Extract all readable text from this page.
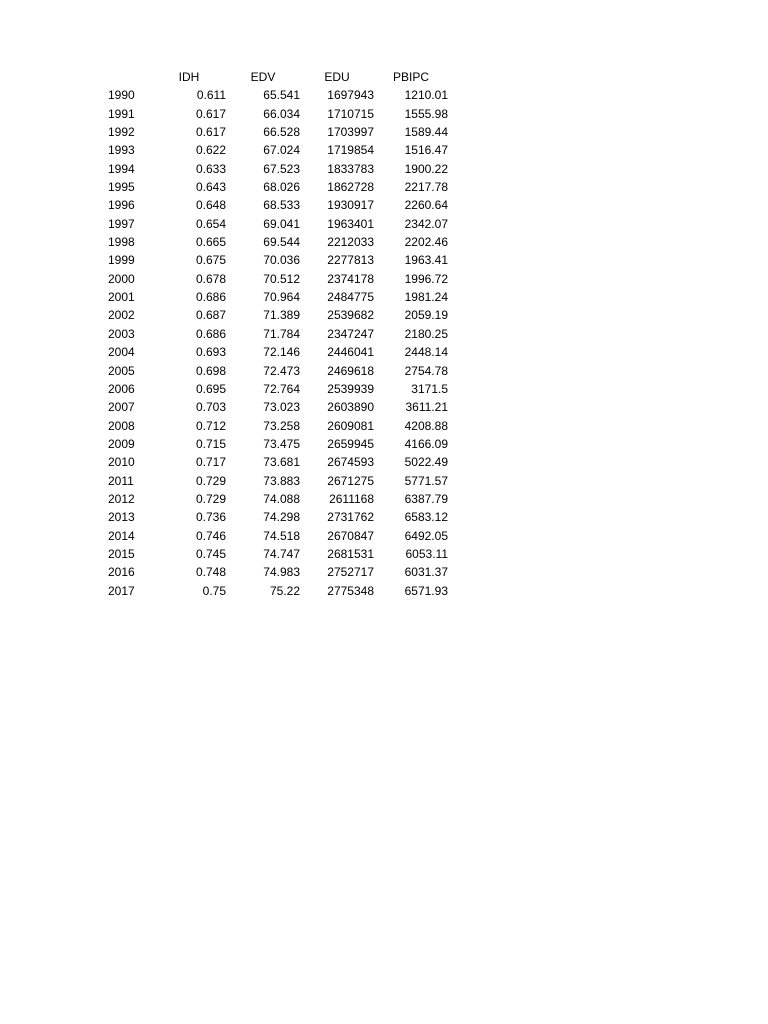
	IDH	EDV	EDU	PBIPC
1990	0.611	65.541	1697943	1210.01
1991	0.617	66.034	1710715	1555.98
1992	0.617	66.528	1703997	1589.44
1993	0.622	67.024	1719854	1516.47
1994	0.633	67.523	1833783	1900.22
1995	0.643	68.026	1862728	2217.78
1996	0.648	68.533	1930917	2260.64
1997	0.654	69.041	1963401	2342.07
1998	0.665	69.544	2212033	2202.46
1999	0.675	70.036	2277813	1963.41
2000	0.678	70.512	2374178	1996.72
2001	0.686	70.964	2484775	1981.24
2002	0.687	71.389	2539682	2059.19
2003	0.686	71.784	2347247	2180.25
2004	0.693	72.146	2446041	2448.14
2005	0.698	72.473	2469618	2754.78
2006	0.695	72.764	2539939	3171.5
2007	0.703	73.023	2603890	3611.21
2008	0.712	73.258	2609081	4208.88
2009	0.715	73.475	2659945	4166.09
2010	0.717	73.681	2674593	5022.49
2011	0.729	73.883	2671275	5771.57
2012	0.729	74.088	2611168	6387.79
2013	0.736	74.298	2731762	6583.12
2014	0.746	74.518	2670847	6492.05
2015	0.745	74.747	2681531	6053.11
2016	0.748	74.983	2752717	6031.37
2017	0.75	75.22	2775348	6571.93
